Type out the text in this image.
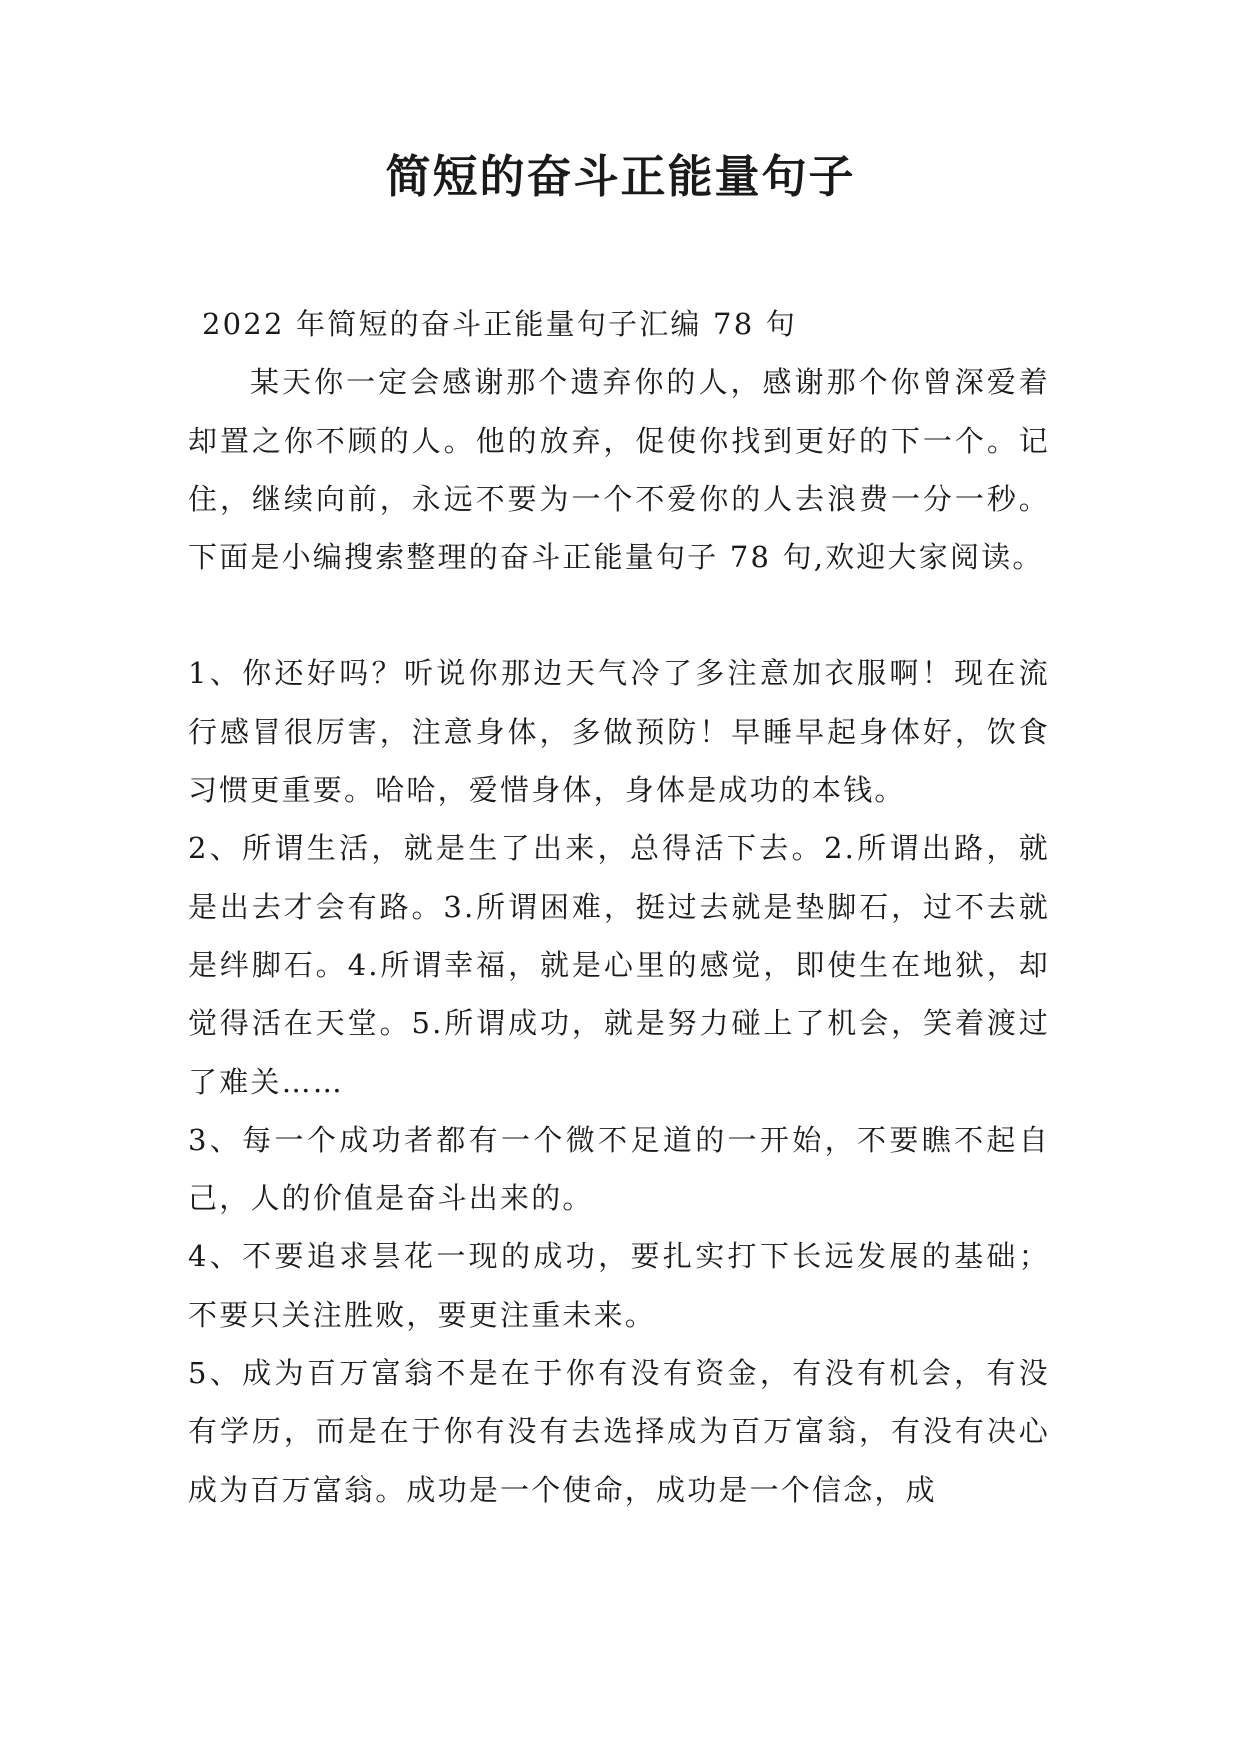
简短的奋斗正能量句子

2022 年简短的奋斗正能量句子汇编 78 句

某天你一定会感谢那个遗弃你的人，感谢那个你曾深爱着却置之你不顾的人。他的放弃，促使你找到更好的下一个。记住，继续向前，永远不要为一个不爱你的人去浪费一分一秒。下面是小编搜索整理的奋斗正能量句子 78 句,欢迎大家阅读。

1、你还好吗？听说你那边天气冷了多注意加衣服啊！现在流行感冒很厉害，注意身体，多做预防！早睡早起身体好，饮食习惯更重要。哈哈，爱惜身体，身体是成功的本钱。

2、所谓生活，就是生了出来，总得活下去。2.所谓出路，就是出去才会有路。3.所谓困难，挺过去就是垫脚石，过不去就是绊脚石。4.所谓幸福，就是心里的感觉，即使生在地狱，却觉得活在天堂。5.所谓成功，就是努力碰上了机会，笑着渡过了难关……

3、每一个成功者都有一个微不足道的一开始，不要瞧不起自己，人的价值是奋斗出来的。

4、不要追求昙花一现的成功，要扎实打下长远发展的基础；不要只关注胜败，要更注重未来。

5、成为百万富翁不是在于你有没有资金，有没有机会，有没有学历，而是在于你有没有去选择成为百万富翁，有没有决心成为百万富翁。成功是一个使命，成功是一个信念，成
